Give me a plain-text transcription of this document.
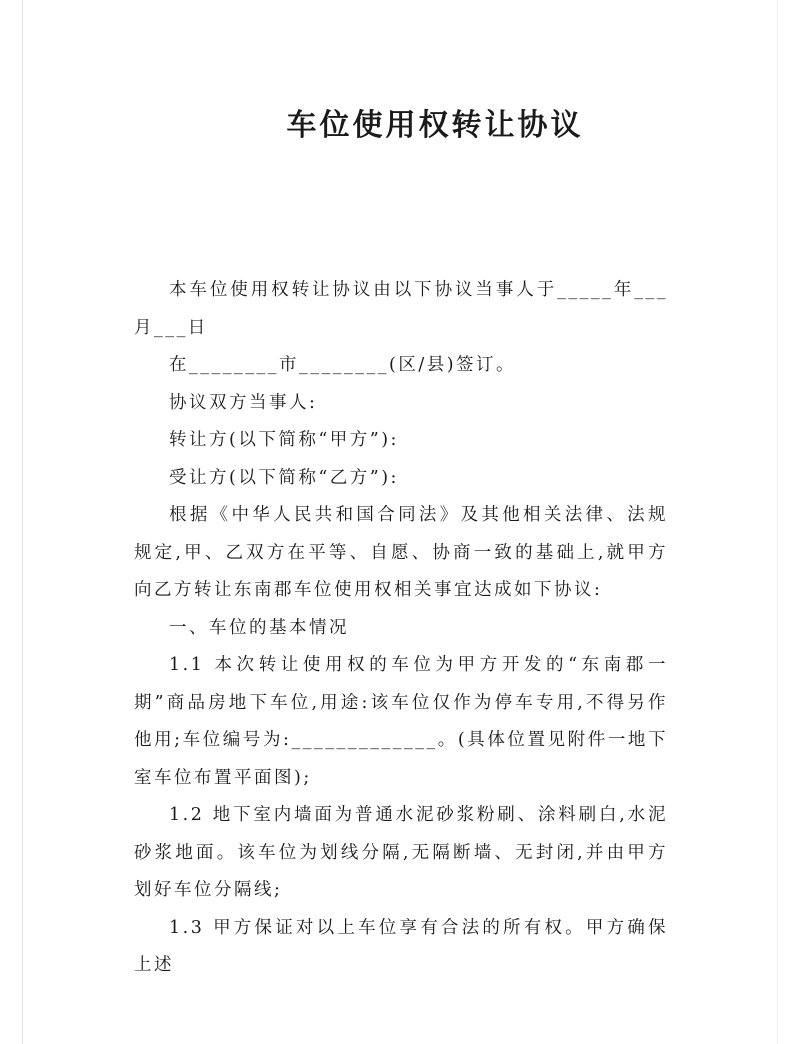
车位使用权转让协议

本车位使用权转让协议由以下协议当事人于_____年___月___日

在________市________(区/县)签订。

协议双方当事人:

转让方(以下简称“甲方”):

受让方(以下简称“乙方”):

根据《中华人民共和国合同法》及其他相关法律、法规规定,甲、乙双方在平等、自愿、协商一致的基础上,就甲方向乙方转让东南郡车位使用权相关事宜达成如下协议:

一、车位的基本情况

1.1 本次转让使用权的车位为甲方开发的“东南郡一期”商品房地下车位,用途:该车位仅作为停车专用,不得另作他用;车位编号为:_____________。(具体位置见附件一地下室车位布置平面图);

1.2 地下室内墙面为普通水泥砂浆粉刷、涂料刷白,水泥砂浆地面。该车位为划线分隔,无隔断墙、无封闭,并由甲方划好车位分隔线;

1.3 甲方保证对以上车位享有合法的所有权。甲方确保上述
